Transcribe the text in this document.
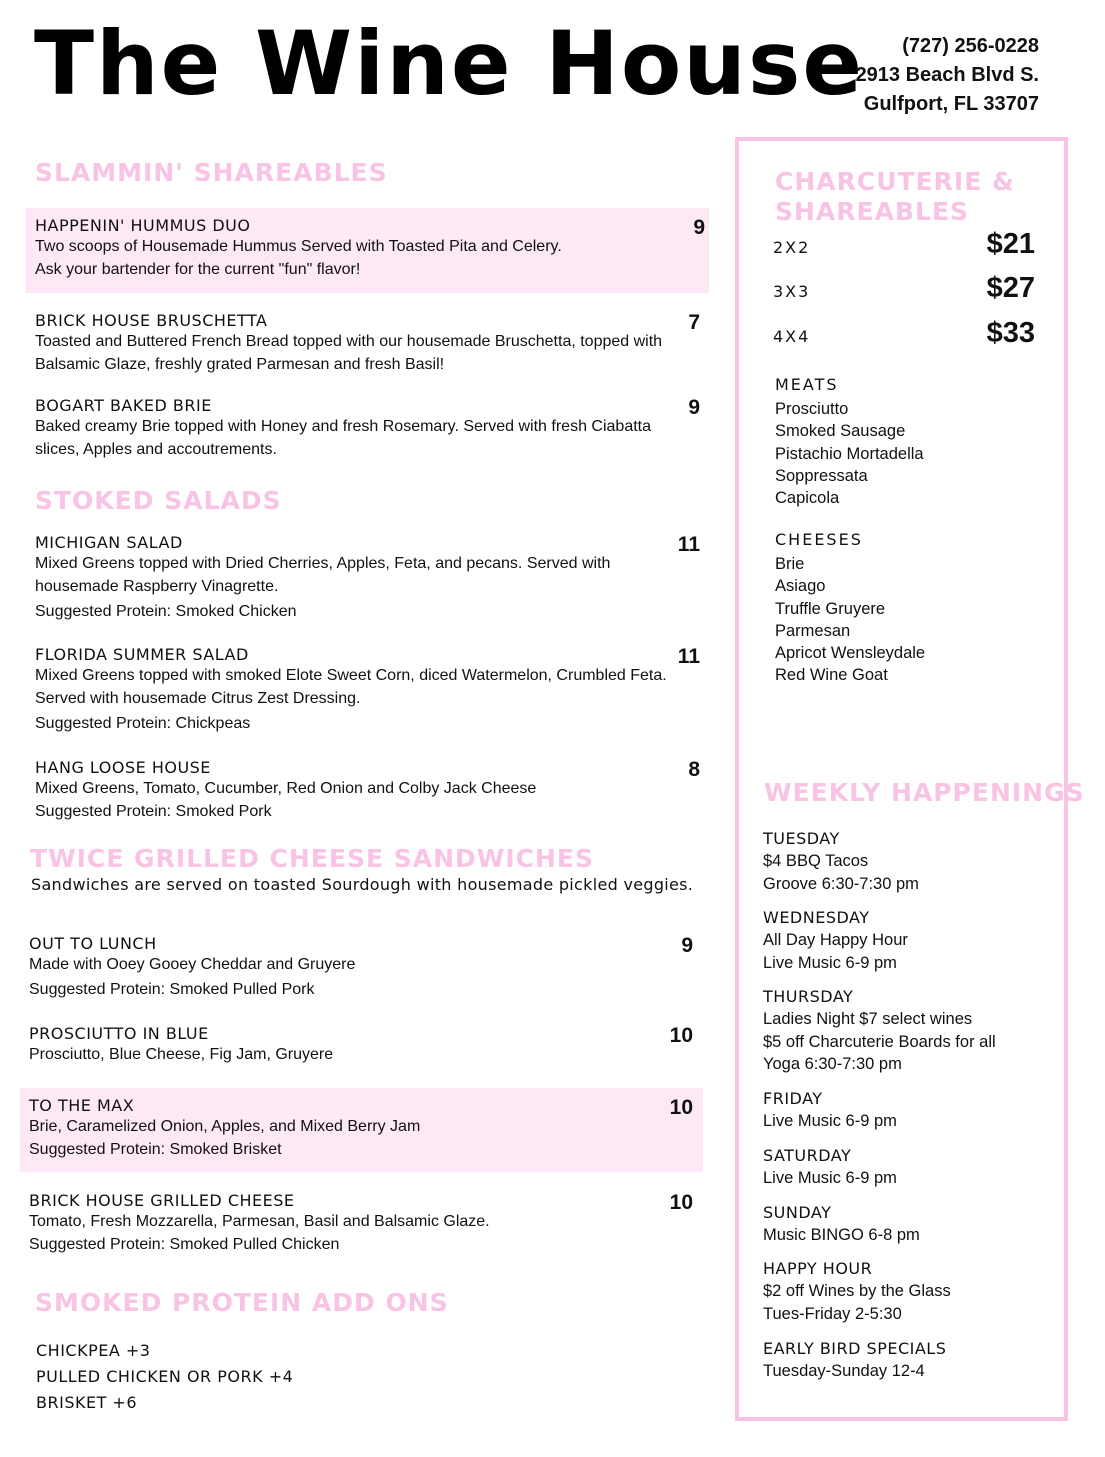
The Wine House	(727) 256-0228
2913 Beach Blvd S.
Gulfport, FL 33707
SLAMMIN' SHAREABLES
HAPPENIN' HUMMUS DUO	9
Two scoops of Housemade Hummus Served with Toasted Pita and Celery.
Ask your bartender for the current "fun" flavor!
BRICK HOUSE BRUSCHETTA	7
Toasted and Buttered French Bread topped with our housemade Bruschetta, topped with
Balsamic Glaze, freshly grated Parmesan and fresh Basil!
BOGART BAKED BRIE	9
Baked creamy Brie topped with Honey and fresh Rosemary. Served with fresh Ciabatta
slices, Apples and accoutrements.
STOKED SALADS
MICHIGAN SALAD	11
Mixed Greens topped with Dried Cherries, Apples, Feta, and pecans. Served with
housemade Raspberry Vinagrette.
Suggested Protein: Smoked Chicken
FLORIDA SUMMER SALAD	11
Mixed Greens topped with smoked Elote Sweet Corn, diced Watermelon, Crumbled Feta.
Served with housemade Citrus Zest Dressing.
Suggested Protein: Chickpeas
HANG LOOSE HOUSE	8
Mixed Greens, Tomato, Cucumber, Red Onion and Colby Jack Cheese
Suggested Protein: Smoked Pork
TWICE GRILLED CHEESE SANDWICHES
Sandwiches are served on toasted Sourdough with housemade pickled veggies.
OUT TO LUNCH	9
Made with Ooey Gooey Cheddar and Gruyere
Suggested Protein: Smoked Pulled Pork
PROSCIUTTO IN BLUE	10
Prosciutto, Blue Cheese, Fig Jam, Gruyere
TO THE MAX	10
Brie, Caramelized Onion, Apples, and Mixed Berry Jam
Suggested Protein: Smoked Brisket
BRICK HOUSE GRILLED CHEESE	10
Tomato, Fresh Mozzarella, Parmesan, Basil and Balsamic Glaze.
Suggested Protein: Smoked Pulled Chicken
SMOKED PROTEIN ADD ONS
CHICKPEA +3
PULLED CHICKEN OR PORK +4
BRISKET +6
CHARCUTERIE &
SHAREABLES
2X2	$21
3X3	$27
4X4	$33
MEATS
Prosciutto
Smoked Sausage
Pistachio Mortadella
Soppressata
Capicola
CHEESES
Brie
Asiago
Truffle Gruyere
Parmesan
Apricot Wensleydale
Red Wine Goat
WEEKLY HAPPENINGS
TUESDAY
$4 BBQ Tacos
Groove 6:30-7:30 pm
WEDNESDAY
All Day Happy Hour
Live Music 6-9 pm
THURSDAY
Ladies Night $7 select wines
$5 off Charcuterie Boards for all
Yoga 6:30-7:30 pm
FRIDAY
Live Music 6-9 pm
SATURDAY
Live Music 6-9 pm
SUNDAY
Music BINGO 6-8 pm
HAPPY HOUR
$2 off Wines by the Glass
Tues-Friday 2-5:30
EARLY BIRD SPECIALS
Tuesday-Sunday 12-4
